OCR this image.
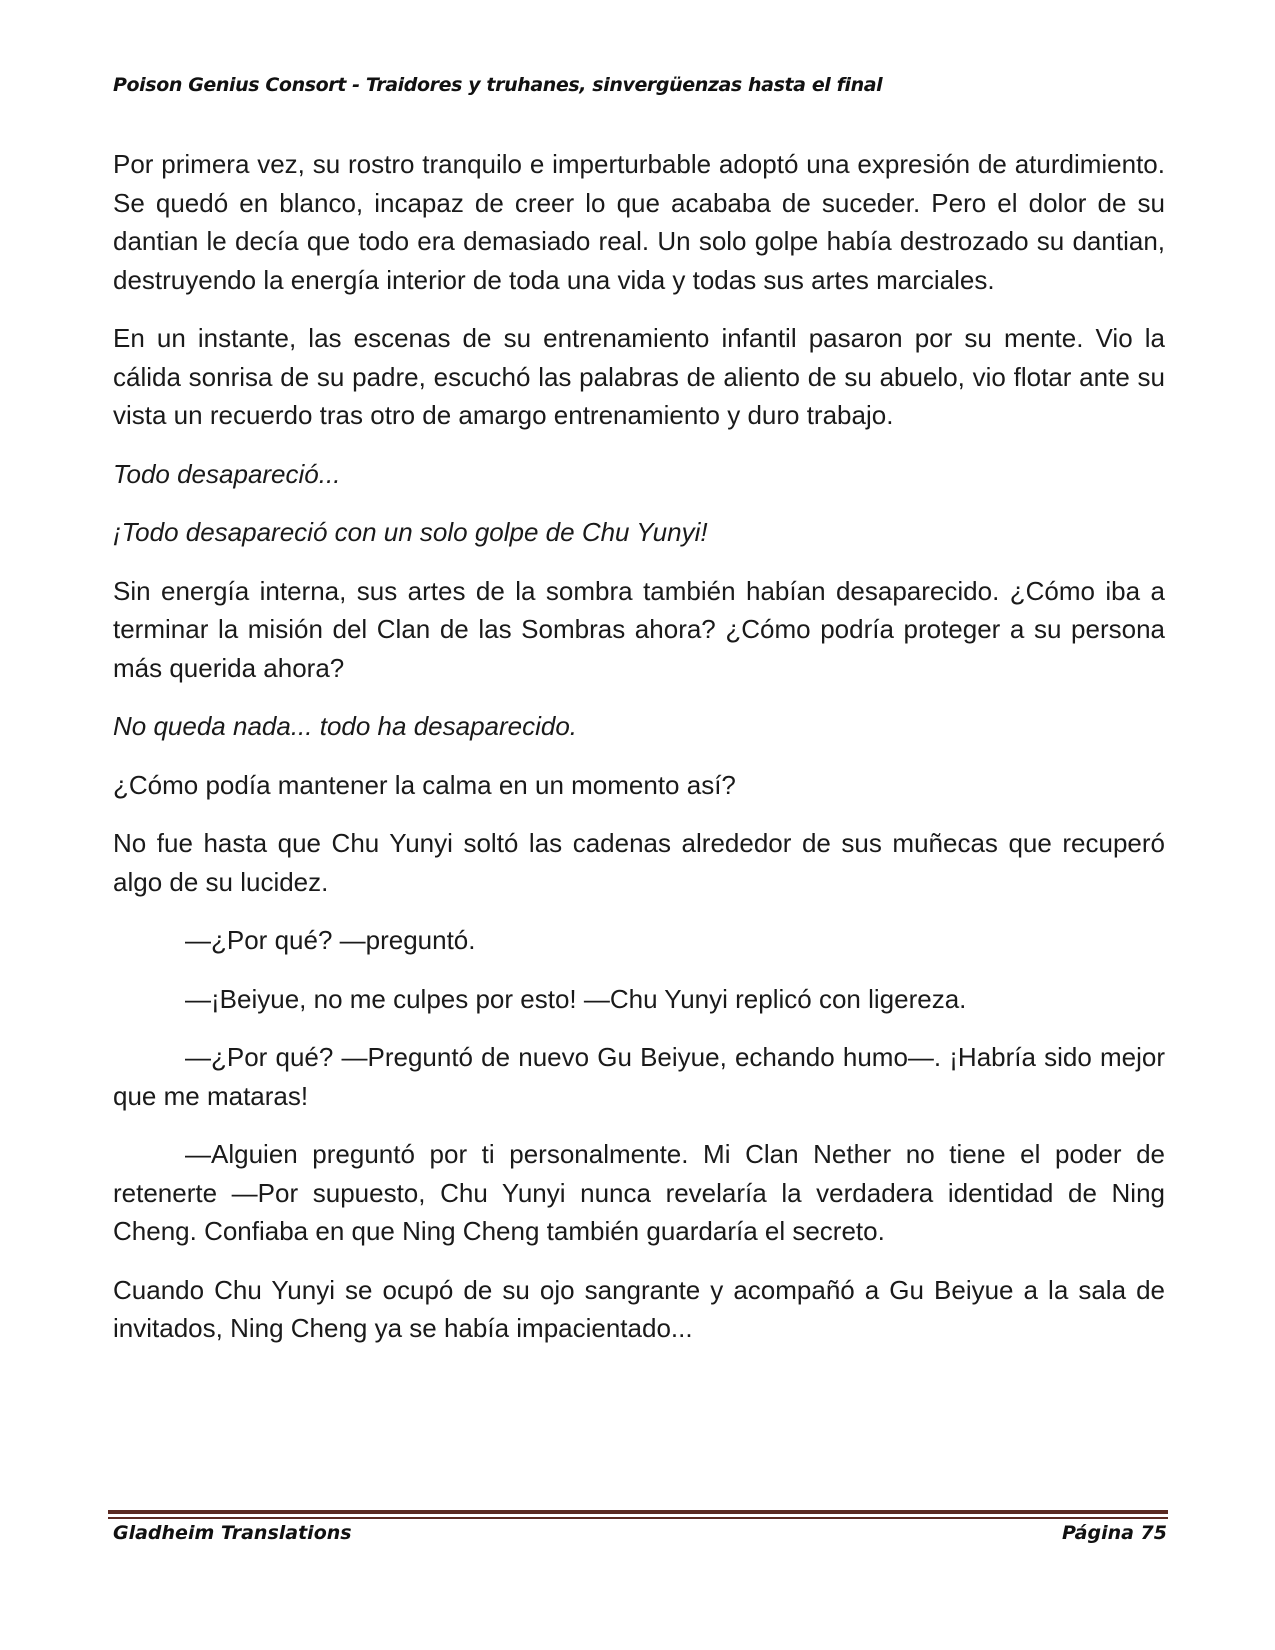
Poison Genius Consort - Traidores y truhanes, sinvergüenzas hasta el final

Por primera vez, su rostro tranquilo e imperturbable adoptó una expresión de aturdimiento. Se quedó en blanco, incapaz de creer lo que acababa de suceder. Pero el dolor de su dantian le decía que todo era demasiado real. Un solo golpe había destrozado su dantian, destruyendo la energía interior de toda una vida y todas sus artes marciales.

En un instante, las escenas de su entrenamiento infantil pasaron por su mente. Vio la cálida sonrisa de su padre, escuchó las palabras de aliento de su abuelo, vio flotar ante su vista un recuerdo tras otro de amargo entrenamiento y duro trabajo.

Todo desapareció...

¡Todo desapareció con un solo golpe de Chu Yunyi!

Sin energía interna, sus artes de la sombra también habían desaparecido. ¿Cómo iba a terminar la misión del Clan de las Sombras ahora? ¿Cómo podría proteger a su persona más querida ahora?

No queda nada... todo ha desaparecido.

¿Cómo podía mantener la calma en un momento así?

No fue hasta que Chu Yunyi soltó las cadenas alrededor de sus muñecas que recuperó algo de su lucidez.

—¿Por qué? —preguntó.

—¡Beiyue, no me culpes por esto! —Chu Yunyi replicó con ligereza.

—¿Por qué? —Preguntó de nuevo Gu Beiyue, echando humo—. ¡Habría sido mejor que me mataras!

—Alguien preguntó por ti personalmente. Mi Clan Nether no tiene el poder de retenerte —Por supuesto, Chu Yunyi nunca revelaría la verdadera identidad de Ning Cheng. Confiaba en que Ning Cheng también guardaría el secreto.

Cuando Chu Yunyi se ocupó de su ojo sangrante y acompañó a Gu Beiyue a la sala de invitados, Ning Cheng ya se había impacientado...

Gladheim Translations	Página 75
